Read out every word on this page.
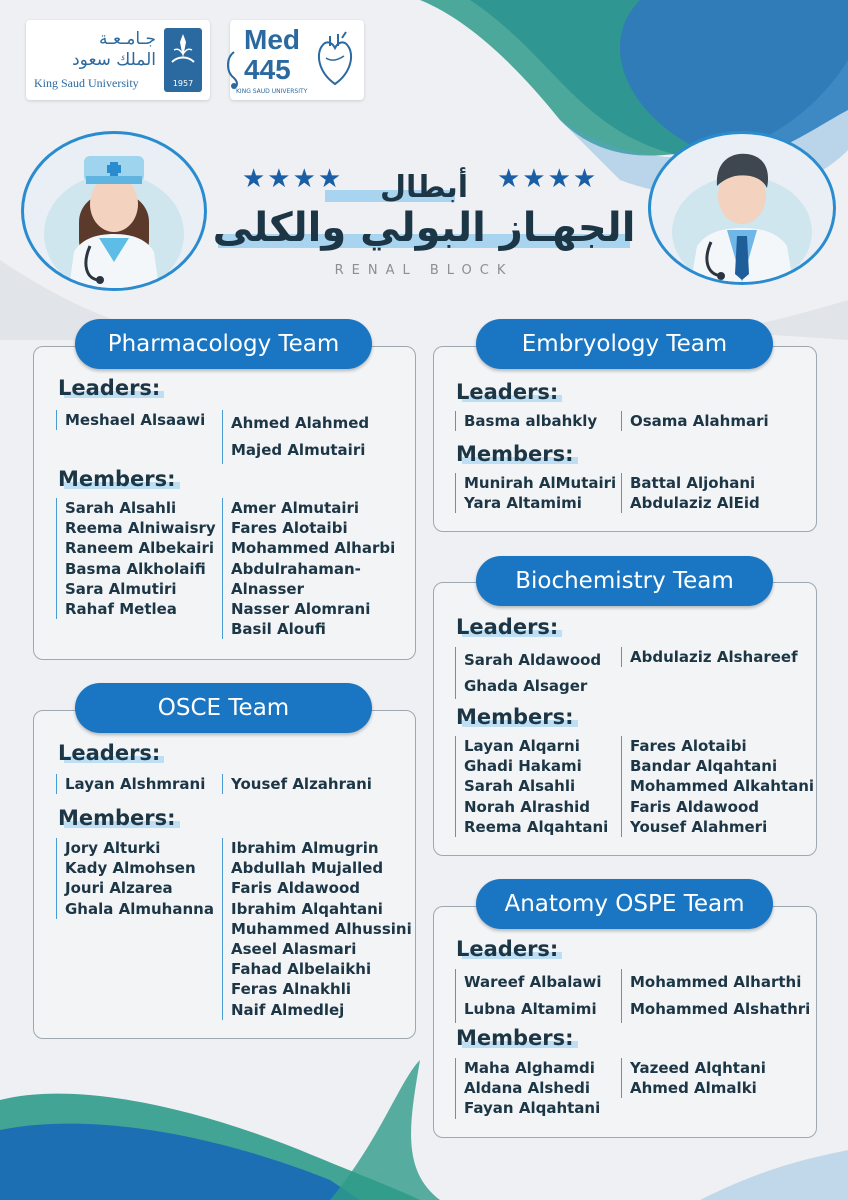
جـامـعـة
الملك سعود
King Saud University	1957
Med
445
KING SAUD UNIVERSITY
★★★★	★★★★
أبطال
الجهـاز البولي والكلى
RENAL BLOCK
Pharmacology Team
Leaders:
Meshael Alsaawi Ahmed Alahmed
Majed Almutairi
Members:
Sarah Alsahli
Reema Alniwaisry
Raneem Albekairi
Basma Alkholaifi
Sara Almutiri
Rahaf Metlea
Amer Almutairi
Fares Alotaibi
Mohammed Alharbi
Abdulrahaman-
Alnasser
Nasser Alomrani
Basil Aloufi
OSCE Team
Leaders:
Layan Alshmrani Yousef Alzahrani
Members:
Jory Alturki
Kady Almohsen
Jouri Alzarea
Ghala Almuhanna
Ibrahim Almugrin
Abdullah Mujalled
Faris Aldawood
Ibrahim Alqahtani
Muhammed Alhussini
Aseel Alasmari
Fahad Albelaikhi
Feras Alnakhli
Naif Almedlej
Embryology Team
Leaders:
Basma albahkly Osama Alahmari
Members:
Munirah AlMutairi
Yara Altamimi
Battal Aljohani
Abdulaziz AlEid
Biochemistry Team
Leaders:
Sarah Aldawood
Ghada Alsager
Abdulaziz Alshareef
Members:
Layan Alqarni
Ghadi Hakami
Sarah Alsahli
Norah Alrashid
Reema Alqahtani
Fares Alotaibi
Bandar Alqahtani
Mohammed Alkahtani
Faris Aldawood
Yousef Alahmeri
Anatomy OSPE Team
Leaders:
Wareef Albalawi
Lubna Altamimi
Mohammed Alharthi
Mohammed Alshathri
Members:
Maha Alghamdi
Aldana Alshedi
Fayan Alqahtani
Yazeed Alqhtani
Ahmed Almalki
